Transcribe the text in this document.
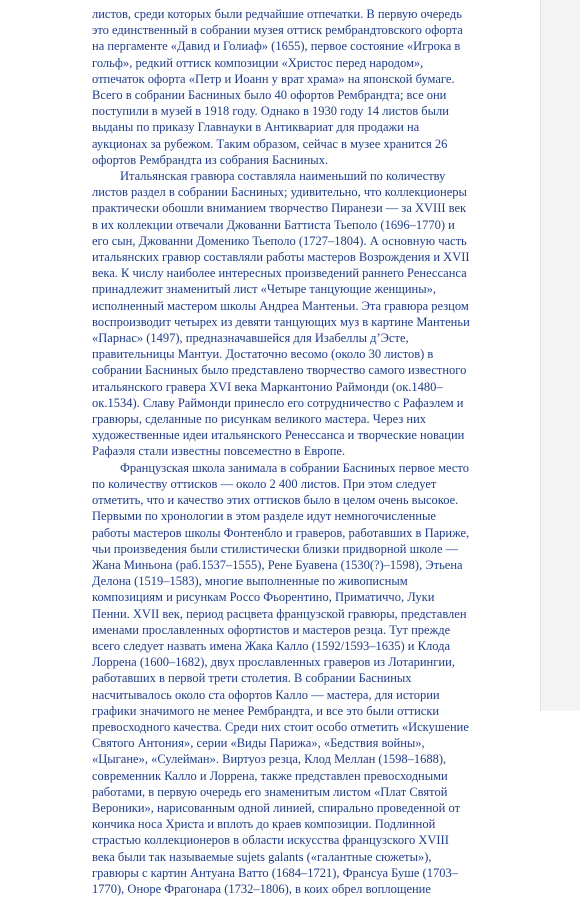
листов, среди которых были редчайшие отпечатки. В первую очередь
это единственный в собрании музея оттиск рембрандтовского офорта
на пергаменте «Давид и Голиаф» (1655), первое состояние «Игрока в
гольф», редкий оттиск композиции «Христос перед народом»,
отпечаток офорта «Петр и Иоанн у врат храма» на японской бумаге.
Всего в собрании Басниных было 40 офортов Рембрандта; все они
поступили в музей в 1918 году. Однако в 1930 году 14 листов были
выданы по приказу Главнауки в Антиквариат для продажи на
аукционах за рубежом. Таким образом, сейчас в музее хранится 26
офортов Рембрандта из собрания Басниных.
Итальянская гравюра составляла наименьший по количеству
листов раздел в собрании Басниных; удивительно, что коллекционеры
практически обошли вниманием творчество Пиранези — за XVIII век
в их коллекции отвечали Джованни Баттиста Тьеполо (1696–1770) и
его сын, Джованни Доменико Тьеполо (1727–1804). А основную часть
итальянских гравюр составляли работы мастеров Возрождения и XVII
века. К числу наиболее интересных произведений раннего Ренессанса
принадлежит знаменитый лист «Четыре танцующие женщины»,
исполненный мастером школы Андреа Мантеньи. Эта гравюра резцом
воспроизводит четырех из девяти танцующих муз в картине Мантеньи
«Парнас» (1497), предназначавшейся для Изабеллы д’Эсте,
правительницы Мантуи. Достаточно весомо (около 30 листов) в
собрании Басниных было представлено творчество самого известного
итальянского гравера XVI века Маркантонио Раймонди (ок.1480–
ок.1534). Славу Раймонди принесло его сотрудничество с Рафаэлем и
гравюры, сделанные по рисункам великого мастера. Через них
художественные идеи итальянского Ренессанса и творческие новации
Рафаэля стали известны повсеместно в Европе.
Французская школа занимала в собрании Басниных первое место
по количеству оттисков — около 2 400 листов. При этом следует
отметить, что и качество этих оттисков было в целом очень высокое.
Первыми по хронологии в этом разделе идут немногочисленные
работы мастеров школы Фонтенбло и граверов, работавших в Париже,
чьи произведения были стилистически близки придворной школе —
Жана Миньона (раб.1537–1555), Рене Буавена (1530(?)–1598), Этьена
Делона (1519–1583), многие выполненные по живописным
композициям и рисункам Россо Фьорентино, Приматиччо, Луки
Пенни. XVII век, период расцвета французской гравюры, представлен
именами прославленных офортистов и мастеров резца. Тут прежде
всего следует назвать имена Жака Калло (1592/1593–1635) и Клода
Лоррена (1600–1682), двух прославленных граверов из Лотарингии,
работавших в первой трети столетия. В собрании Басниных
насчитывалось около ста офортов Калло — мастера, для истории
графики значимого не менее Рембрандта, и все это были оттиски
превосходного качества. Среди них стоит особо отметить «Искушение
Святого Антония», серии «Виды Парижа», «Бедствия войны»,
«Цыгане», «Сулейман». Виртуоз резца, Клод Меллан (1598–1688),
современник Калло и Лоррена, также представлен превосходными
работами, в первую очередь его знаменитым листом «Плат Святой
Вероники», нарисованным одной линией, спирально проведенной от
кончика носа Христа и вплоть до краев композиции. Подлинной
страстью коллекционеров в области искусства французского XVIII
века были так называемые sujets galants («галантные сюжеты»),
гравюры с картин Антуана Ватто (1684–1721), Франсуа Буше (1703–
1770), Оноре Фрагонара (1732–1806), в коих обрел воплощение
